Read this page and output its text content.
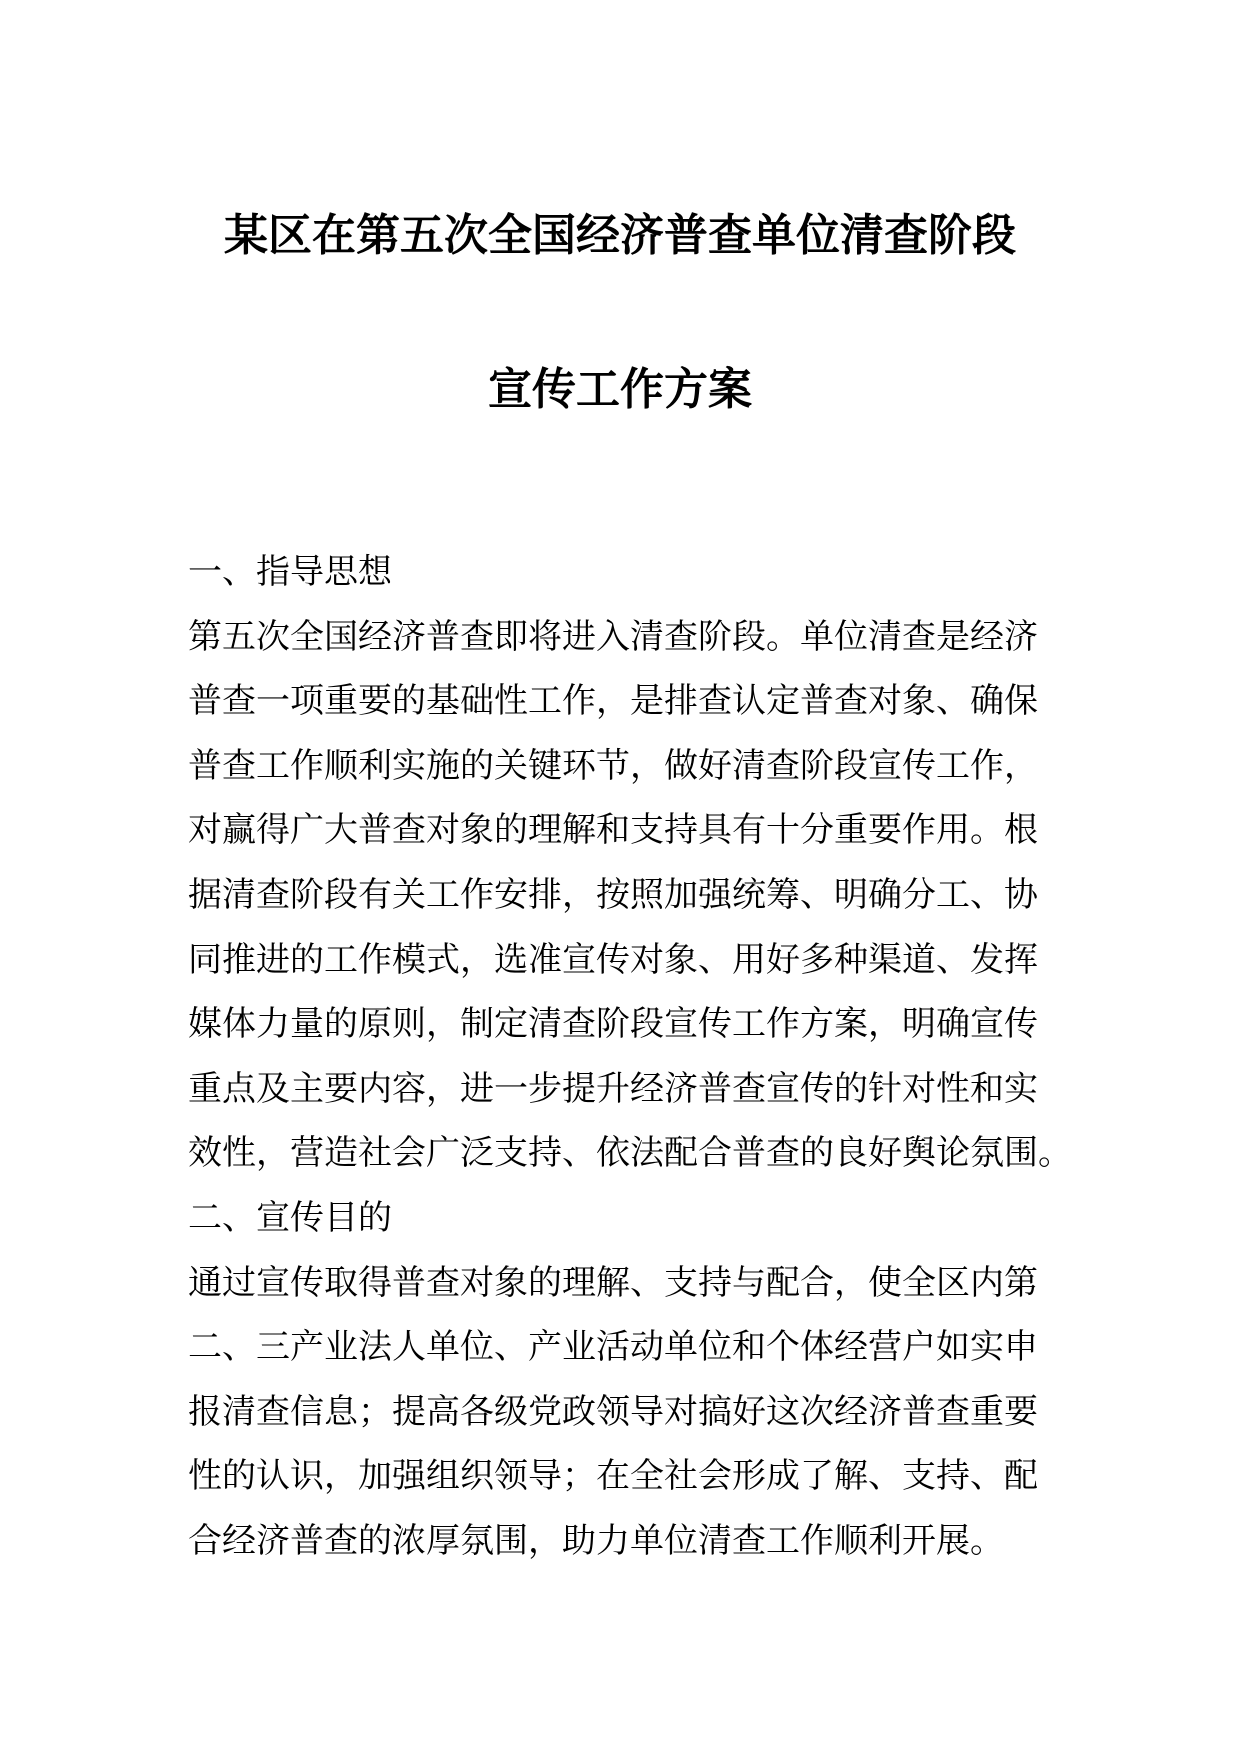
某区在第五次全国经济普查单位清查阶段
宣传工作方案
一、指导思想
第五次全国经济普查即将进入清查阶段。单位清查是经济
普查一项重要的基础性工作，是排查认定普查对象、确保
普查工作顺利实施的关键环节，做好清查阶段宣传工作，
对赢得广大普查对象的理解和支持具有十分重要作用。根
据清查阶段有关工作安排，按照加强统筹、明确分工、协
同推进的工作模式，选准宣传对象、用好多种渠道、发挥
媒体力量的原则，制定清查阶段宣传工作方案，明确宣传
重点及主要内容，进一步提升经济普查宣传的针对性和实
效性，营造社会广泛支持、依法配合普查的良好舆论氛围。
二、宣传目的
通过宣传取得普查对象的理解、支持与配合，使全区内第
二、三产业法人单位、产业活动单位和个体经营户如实申
报清查信息；提高各级党政领导对搞好这次经济普查重要
性的认识，加强组织领导；在全社会形成了解、支持、配
合经济普查的浓厚氛围，助力单位清查工作顺利开展。
